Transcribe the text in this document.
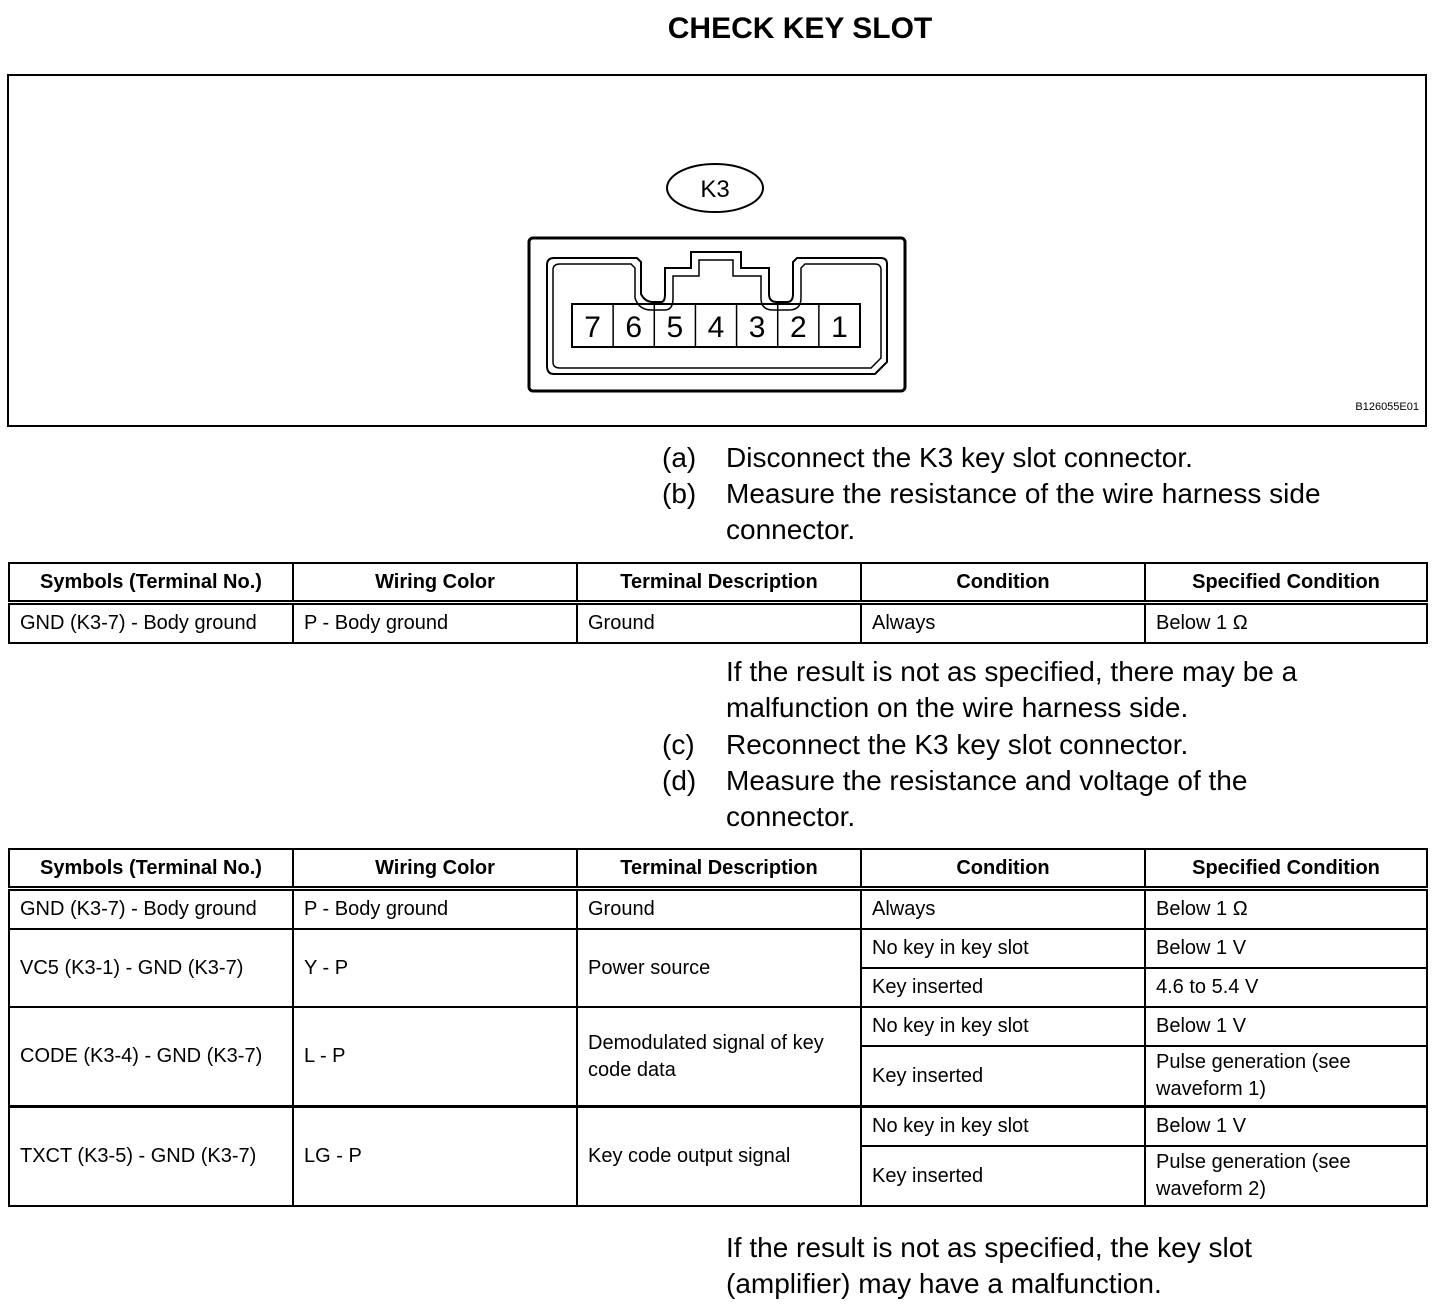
CHECK KEY SLOT
K3
7 6 5 4 3 2 1
B126055E01
(a) Disconnect the K3 key slot connector.
(b) Measure the resistance of the wire harness side connector.
Symbols (Terminal No.)	Wiring Color	Terminal Description	Condition	Specified Condition
GND (K3-7) - Body ground	P - Body ground	Ground	Always	Below 1 Ω
If the result is not as specified, there may be a malfunction on the wire harness side.
(c) Reconnect the K3 key slot connector.
(d) Measure the resistance and voltage of the connector.
Symbols (Terminal No.)	Wiring Color	Terminal Description	Condition	Specified Condition
GND (K3-7) - Body ground	P - Body ground	Ground	Always	Below 1 Ω
VC5 (K3-1) - GND (K3-7)	Y - P	Power source	No key in key slot	Below 1 V
			Key inserted	4.6 to 5.4 V
CODE (K3-4) - GND (K3-7)	L - P	Demodulated signal of key code data	No key in key slot	Below 1 V
			Key inserted	Pulse generation (see waveform 1)
TXCT (K3-5) - GND (K3-7)	LG - P	Key code output signal	No key in key slot	Below 1 V
			Key inserted	Pulse generation (see waveform 2)
If the result is not as specified, the key slot (amplifier) may have a malfunction.
